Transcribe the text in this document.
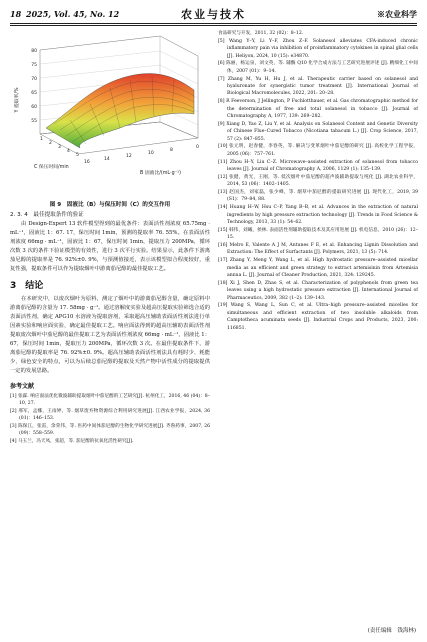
18	农业与技术	※农业科学
2025, Vol. 45, No. 12
80
75
70
65
60
55
Y 提取率/%
1
2
3
4
5
C 保压时间/min
0
8
10
12
14
16
B 固液比/(mL·g⁻¹)
图 9　固液比（B）与保压时间（C）的交互作用
2. 3. 4　最佳提取条件的验证

由 Design-Expert 13 软件模型得到的最优条件：表面活性剂浓度 65.75mg · mL⁻¹，固液比 1：67. 17，保压时间 1min，预测的提取率 76. 55%。在表面活性剂浓度 66mg · mL⁻¹，固液比 1：67，保压时间 1min，提取压力 200MPa，循环次数 3 次的条件下验证模型的有效性，进行 3 次平行实验。结果显示，此条件下游离茄尼醇的提取率是 76. 92%±0. 9%，与预测值接近，表示该模型拟合程度较好，重复性强，提取条件可以作为提取烟叶中游离茄尼醇的最佳提取工艺。

3　结论

在本研究中，以废次烟叶为原料，测定了烟叶中的游离茄尼醇含量，确定原料中游离茄尼醇的含量为 17. 58mg · g⁻¹。通过溶解度实验及超高压提取实验筛选合适的表面活性剂，确定 APG10 水溶液为提取溶剂，采取超高压辅助表面活性剂法进行单因素实验和响应面实验，确定最佳提取工艺。响应面法得到的超高压辅助表面活性剂提取废次烟叶中茄尼醇的最佳提取工艺为表面活性剂浓度 66mg · mL⁻¹，固液比 1：67，保压时间 1min，提取压力 200MPa，循环次数 3 次。在最佳提取条件下，游离茄尼醇的提取率是 76. 92%±0. 9%。超高压辅助表面活性剂法具有耗时少、耗能少、绿色安全的特点，可以为后续总茄尼醇的提取及天然产物中活性成分的提取提供一定的发展思路。

参考文献
[1] 张霖. 响应面法优化微波辅助提取烟叶中茄尼醇的工艺研究[J]. 杭州化工，2016, 46 (04)：8–10, 27.
[2] 邢军，孟娜，王雨婷，等. 烟草废弃物资源综合利用研究进展[J]. 江西农业学报，2024, 36 (01)：146–153.
[3] 陈保江，张雷，余荣伟，等. 医药中间体茄尼醇的生物化学研究进展[J]. 齐鲁药事，2007, 26 (09)：558–559.
[4] 马玉兰，冯天凤，张超，等. 茄尼醇的抗氧化活性研究[J].
食品研究与开发，2011, 32 (02)：8–12.
[5] Wang Y–Y, Li Y–F, Zhou Z–F. Solanesol alleviates CFA-induced chronic inflammatory pain via inhibition of proinflammatory cytokines in spinal glial cells [J]. Heliyon, 2024, 10 (15): e34870.
[6] 陈丽，杨运泉，刘文英，等. 辅酶 Q10 化学合成方法与工艺研究进展评述 [J]. 精细化工中间体，2007 (01)：9–14.
[7] Zhang M, Yu H, Hu J, et al. Therapeutic carrier based on solanesol and hyaluronate for synergistic tumor treatment [J]. International Journal of Biological Macromolecules, 2022, 201: 20–28.
[8] R Feeverson, J Jellington, P Fschlotthauer, et al. Gas chromatographic method for the determination of free and total solanesol in tobacco [J]. Journal of Chromatography A, 1977, 139: 269–282.
[9] Xiang D, Yao Z, Liu Y, et al. Analysis on Solanesol Content and Genetic Diversity of Chinese Flue–Cured Tobacco (Nicotiana tabacum L.) [J]. Crop Science, 2017, 57 (2): 847–855.
[10] 张元明，赵春健，李春英，等. 解决与变革烟叶中茄尼醇的研究 [J]. 高校化学工程学报，2005 (06)：757–761.
[11] Zhou H–Y, Liu C–Z. Microwave–assisted extraction of solanesol from tobacco leaves [J]. Journal of Chromatography A, 2006, 1129 (1): 135–139.
[12] 张健，黄光，王刚，等. 低次烟叶中茄尼醇的超声波辅助提取与纯化 [J]. 湖北农业科学，2014, 53 (06)：1402–1405.
[13] 赵国杰，刘家磊，张少峰，等. 烟草中茄尼醇的提取研究进展 [J]. 现代化工，2019, 39 (S1)：79–84, 88.
[14] Huang H–W, Hsu C–P, Yang B–B, et al. Advances in the extraction of natural ingredients by high pressure extraction technology [J]. Trends in Food Science & Technology, 2013, 33 (1): 54–62.
[15] 韩伟，刘曦，侯林. 表面活性剂辅助提取技术及其应用进展 [J]. 机电信息，2010 (26)：12–15.
[16] Melro E, Valente A J M, Antunes F E, et al. Enhancing Lignin Dissolution and Extraction: The Effect of Surfactants [J]. Polymers, 2021, 13 (5): 714.
[17] Zhang Y, Meng Y, Wang L, et al. High hydrostatic pressure–assisted micellar media as an efficient and green strategy to extract artemisinin from Artemisia annua L. [J]. Journal of Cleaner Production, 2021, 324: 129245.
[18] Xi J, Shen D, Zhao S, et al. Characterization of polyphenols from green tea leaves using a high hydrostatic pressure extraction [J]. International Journal of Pharmaceutics, 2009, 382 (1–2): 139–143.
[19] Wang S, Wang L, Sun C, et al. Ultra–high pressure–assisted micelles for simultaneous and efficient extraction of two insoluble alkaloids from Camptotheca acuminata seeds [J]. Industrial Crops and Products, 2023, 200: 116851.
(责任编辑　钱海林)
